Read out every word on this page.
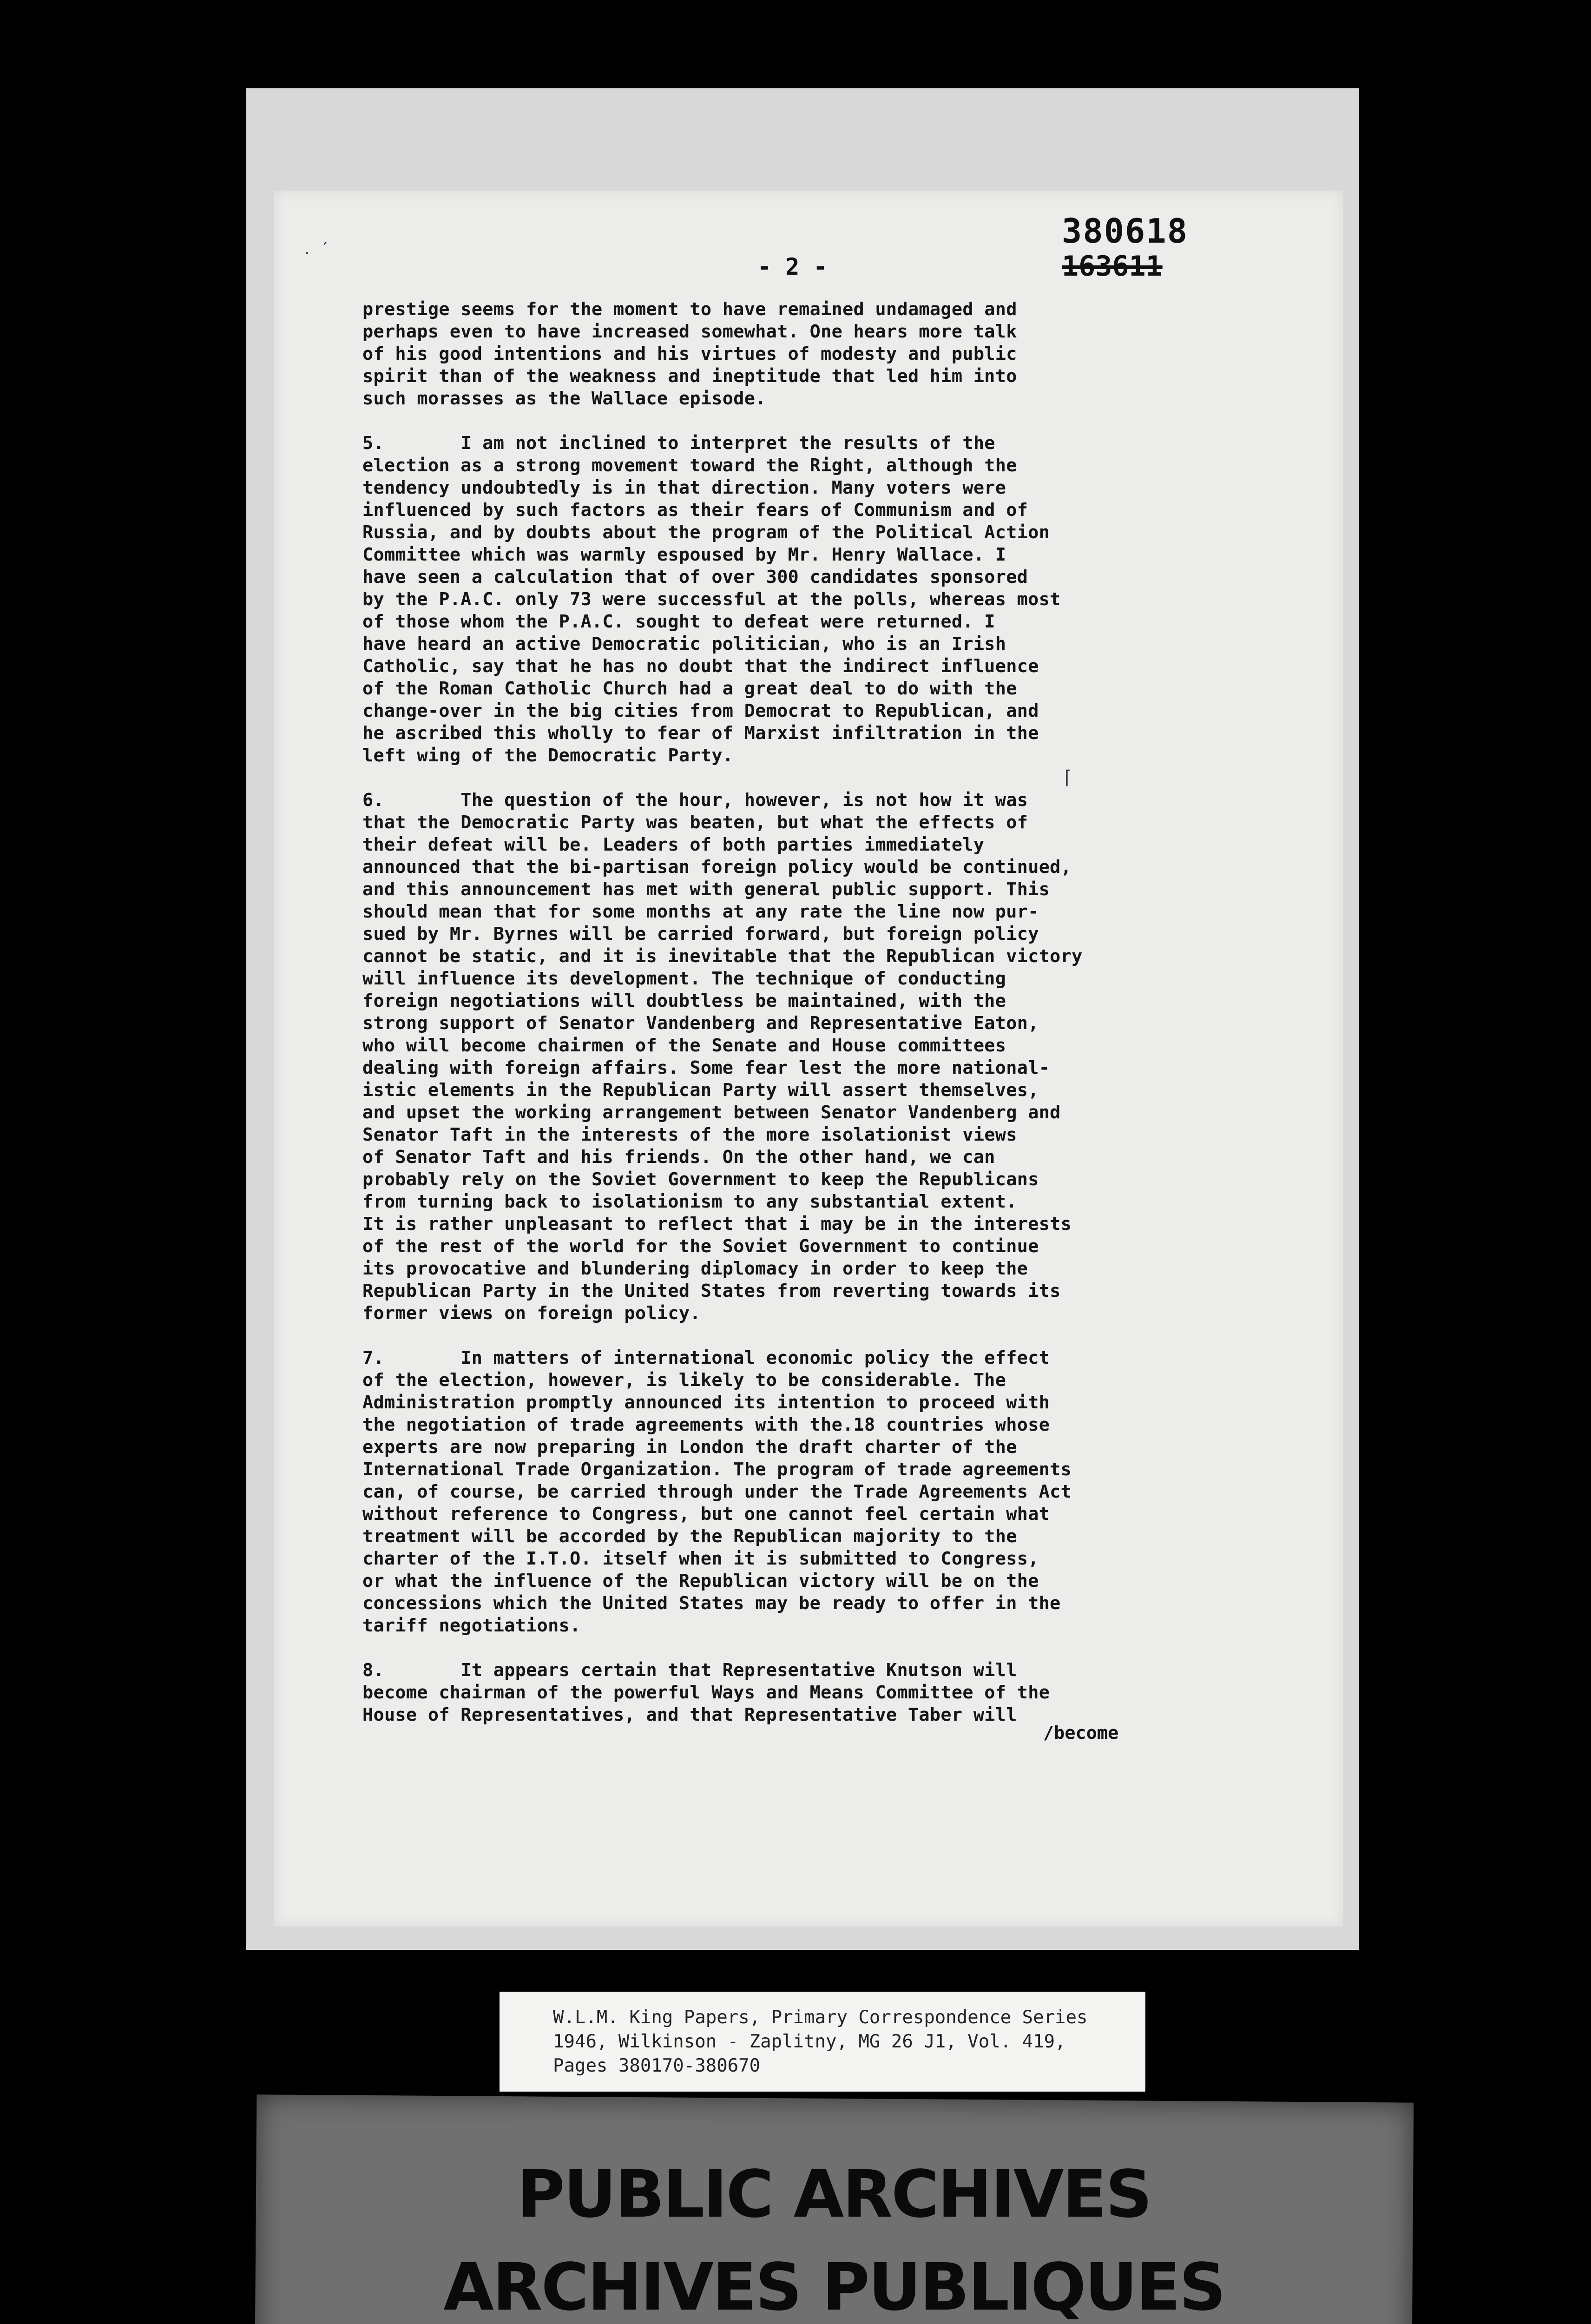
․ ′	380618
163611
- 2 -
⌈
prestige seems for the moment to have remained undamaged and
perhaps even to have increased somewhat. One hears more talk
of his good intentions and his virtues of modesty and public
spirit than of the weakness and ineptitude that led him into
such morasses as the Wallace episode.
5.       I am not inclined to interpret the results of the
election as a strong movement toward the Right, although the
tendency undoubtedly is in that direction. Many voters were
influenced by such factors as their fears of Communism and of
Russia, and by doubts about the program of the Political Action
Committee which was warmly espoused by Mr. Henry Wallace. I
have seen a calculation that of over 300 candidates sponsored
by the P.A.C. only 73 were successful at the polls, whereas most
of those whom the P.A.C. sought to defeat were returned. I
have heard an active Democratic politician, who is an Irish
Catholic, say that he has no doubt that the indirect influence
of the Roman Catholic Church had a great deal to do with the
change-over in the big cities from Democrat to Republican, and
he ascribed this wholly to fear of Marxist infiltration in the
left wing of the Democratic Party.
6.       The question of the hour, however, is not how it was
that the Democratic Party was beaten, but what the effects of
their defeat will be. Leaders of both parties immediately
announced that the bi-partisan foreign policy would be continued,
and this announcement has met with general public support. This
should mean that for some months at any rate the line now pur-
sued by Mr. Byrnes will be carried forward, but foreign policy
cannot be static, and it is inevitable that the Republican victory
will influence its development. The technique of conducting
foreign negotiations will doubtless be maintained, with the
strong support of Senator Vandenberg and Representative Eaton,
who will become chairmen of the Senate and House committees
dealing with foreign affairs. Some fear lest the more national-
istic elements in the Republican Party will assert themselves,
and upset the working arrangement between Senator Vandenberg and
Senator Taft in the interests of the more isolationist views
of Senator Taft and his friends. On the other hand, we can
probably rely on the Soviet Government to keep the Republicans
from turning back to isolationism to any substantial extent.
It is rather unpleasant to reflect that i may be in the interests
of the rest of the world for the Soviet Government to continue
its provocative and blundering diplomacy in order to keep the
Republican Party in the United States from reverting towards its
former views on foreign policy.
7.       In matters of international economic policy the effect
of the election, however, is likely to be considerable. The
Administration promptly announced its intention to proceed with
the negotiation of trade agreements with the.18 countries whose
experts are now preparing in London the draft charter of the
International Trade Organization. The program of trade agreements
can, of course, be carried through under the Trade Agreements Act
without reference to Congress, but one cannot feel certain what
treatment will be accorded by the Republican majority to the
charter of the I.T.O. itself when it is submitted to Congress,
or what the influence of the Republican victory will be on the
concessions which the United States may be ready to offer in the
tariff negotiations.
8.       It appears certain that Representative Knutson will
become chairman of the powerful Ways and Means Committee of the
House of Representatives, and that Representative Taber will
/become
W.L.M. King Papers, Primary Correspondence Series
1946, Wilkinson - Zaplitny, MG 26 J1, Vol. 419,
Pages 380170-380670
PUBLIC ARCHIVES
ARCHIVES PUBLIQUES
